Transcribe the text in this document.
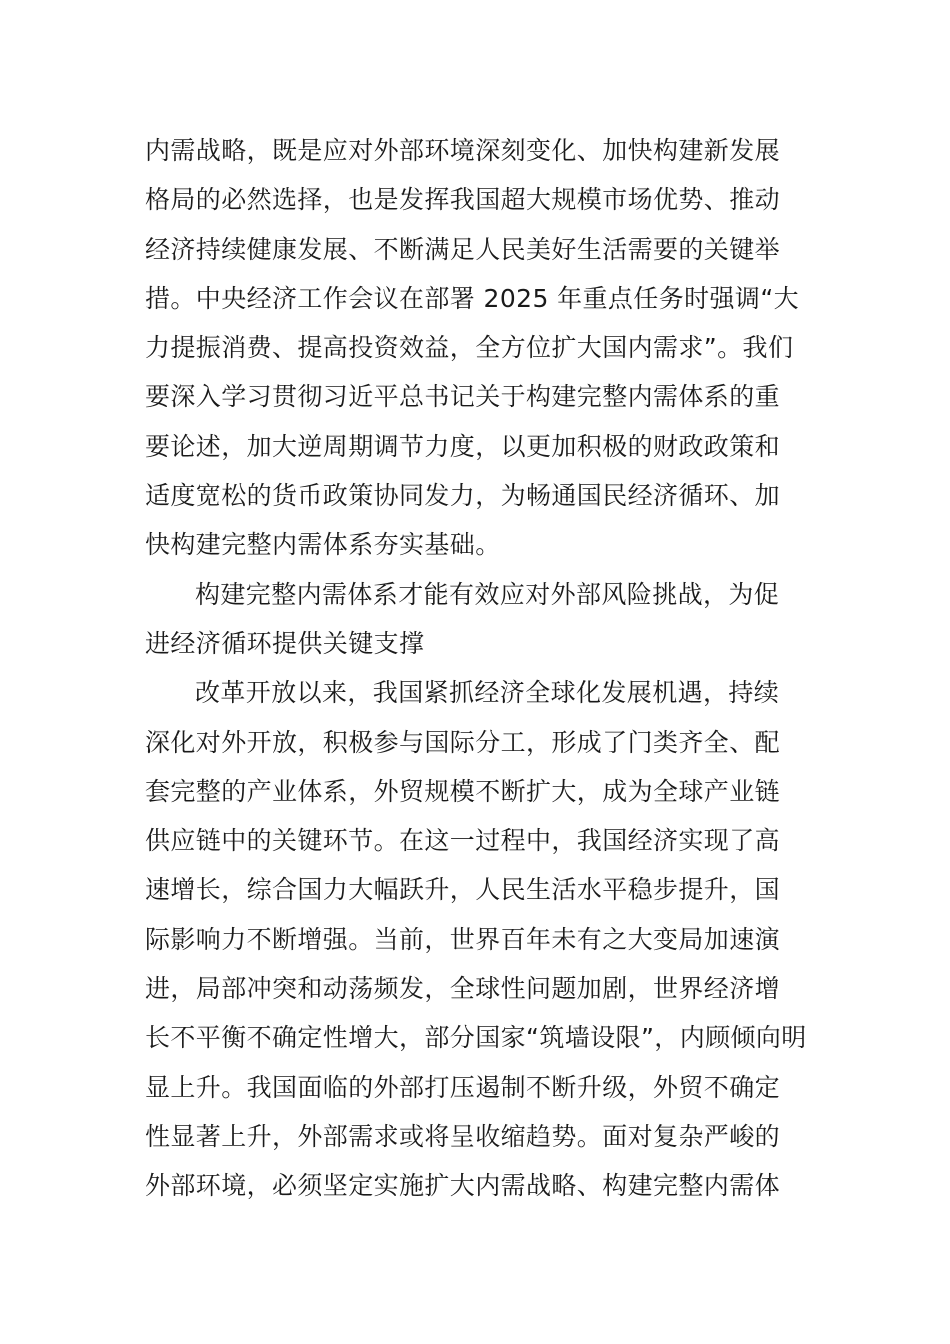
内需战略，既是应对外部环境深刻变化、加快构建新发展
格局的必然选择，也是发挥我国超大规模市场优势、推动
经济持续健康发展、不断满足人民美好生活需要的关键举
措。中央经济工作会议在部署 2025 年重点任务时强调“大
力提振消费、提高投资效益，全方位扩大国内需求”。我们
要深入学习贯彻习近平总书记关于构建完整内需体系的重
要论述，加大逆周期调节力度，以更加积极的财政政策和
适度宽松的货币政策协同发力，为畅通国民经济循环、加
快构建完整内需体系夯实基础。
构建完整内需体系才能有效应对外部风险挑战，为促
进经济循环提供关键支撑
改革开放以来，我国紧抓经济全球化发展机遇，持续
深化对外开放，积极参与国际分工，形成了门类齐全、配
套完整的产业体系，外贸规模不断扩大，成为全球产业链
供应链中的关键环节。在这一过程中，我国经济实现了高
速增长，综合国力大幅跃升，人民生活水平稳步提升，国
际影响力不断增强。当前，世界百年未有之大变局加速演
进，局部冲突和动荡频发，全球性问题加剧，世界经济增
长不平衡不确定性增大，部分国家“筑墙设限”，内顾倾向明
显上升。我国面临的外部打压遏制不断升级，外贸不确定
性显著上升，外部需求或将呈收缩趋势。面对复杂严峻的
外部环境，必须坚定实施扩大内需战略、构建完整内需体
